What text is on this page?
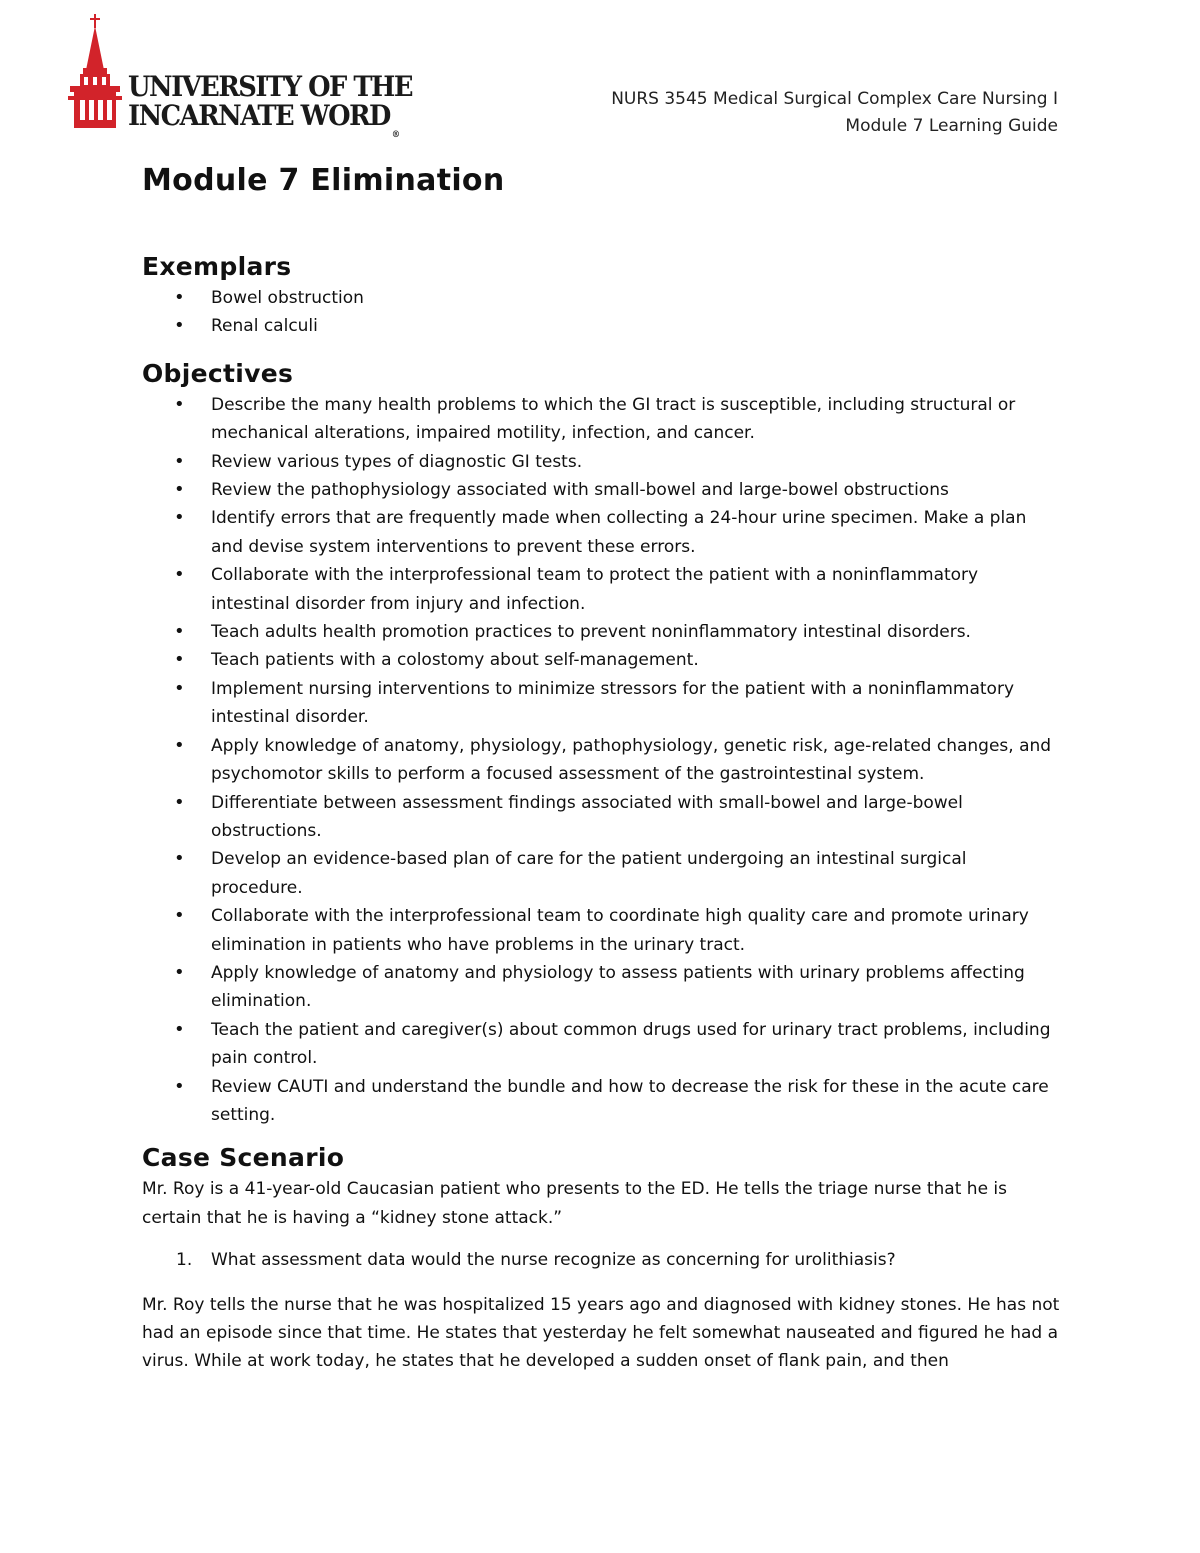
UNIVERSITY OF THE
INCARNATE $WORD_®$
NURS 3545 Medical Surgical Complex Care Nursing I
Module 7 Learning Guide
Module 7 Elimination
Exemplars
• Bowel obstruction
• Renal calculi
Objectives
• Describe the many health problems to which the GI tract is susceptible, including structural or mechanical alterations, impaired motility, infection, and cancer.
• Review various types of diagnostic GI tests.
• Review the pathophysiology associated with small-bowel and large-bowel obstructions
• Identify errors that are frequently made when collecting a 24-hour urine specimen. Make a plan and devise system interventions to prevent these errors.
• Collaborate with the interprofessional team to protect the patient with a noninflammatory intestinal disorder from injury and infection.
• Teach adults health promotion practices to prevent noninflammatory intestinal disorders.
• Teach patients with a colostomy about self-management.
• Implement nursing interventions to minimize stressors for the patient with a noninflammatory intestinal disorder.
• Apply knowledge of anatomy, physiology, pathophysiology, genetic risk, age-related changes, and psychomotor skills to perform a focused assessment of the gastrointestinal system.
• Differentiate between assessment findings associated with small-bowel and large-bowel obstructions.
• Develop an evidence-based plan of care for the patient undergoing an intestinal surgical procedure.
• Collaborate with the interprofessional team to coordinate high quality care and promote urinary elimination in patients who have problems in the urinary tract.
• Apply knowledge of anatomy and physiology to assess patients with urinary problems affecting elimination.
• Teach the patient and caregiver(s) about common drugs used for urinary tract problems, including pain control.
• Review CAUTI and understand the bundle and how to decrease the risk for these in the acute care setting.
Case Scenario

Mr. Roy is a 41-year-old Caucasian patient who presents to the ED. He tells the triage nurse that he is certain that he is having a “kidney stone attack.”

1. What assessment data would the nurse recognize as concerning for urolithiasis?

Mr. Roy tells the nurse that he was hospitalized 15 years ago and diagnosed with kidney stones. He has not had an episode since that time. He states that yesterday he felt somewhat nauseated and figured he had a virus. While at work today, he states that he developed a sudden onset of flank pain, and then
